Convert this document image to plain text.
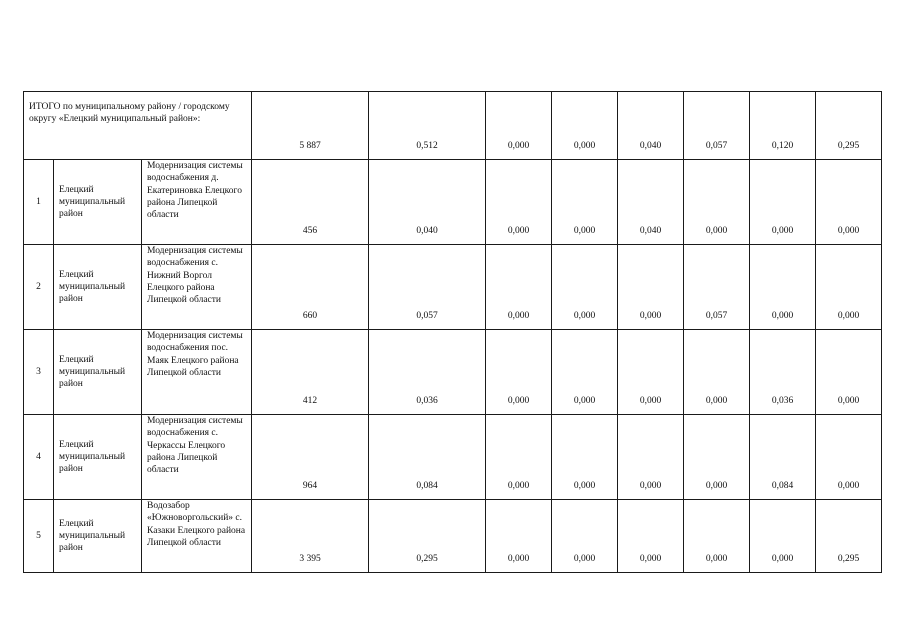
ИТОГО по муниципальному району / городскому округу «Елецкий муниципальный район»:			5 887	0,512	0,000	0,000	0,040	0,057	0,120	0,295
1	Елецкий муниципальный район	Модернизация системы водоснабжения д. Екатериновка Елецкого района Липецкой области	456	0,040	0,000	0,000	0,040	0,000	0,000	0,000
2	Елецкий муниципальный район	Модернизация системы водоснабжения с. Нижний Воргол Елецкого района Липецкой области	660	0,057	0,000	0,000	0,000	0,057	0,000	0,000
3	Елецкий муниципальный район	Модернизация системы водоснабжения пос. Маяк Елецкого района Липецкой области	412	0,036	0,000	0,000	0,000	0,000	0,036	0,000
4	Елецкий муниципальный район	Модернизация системы водоснабжения с. Черкассы Елецкого района Липецкой области	964	0,084	0,000	0,000	0,000	0,000	0,084	0,000
5	Елецкий муниципальный район	Водозабор «Южноворгольский» с. Казаки Елецкого района Липецкой области	3 395	0,295	0,000	0,000	0,000	0,000	0,000	0,295
